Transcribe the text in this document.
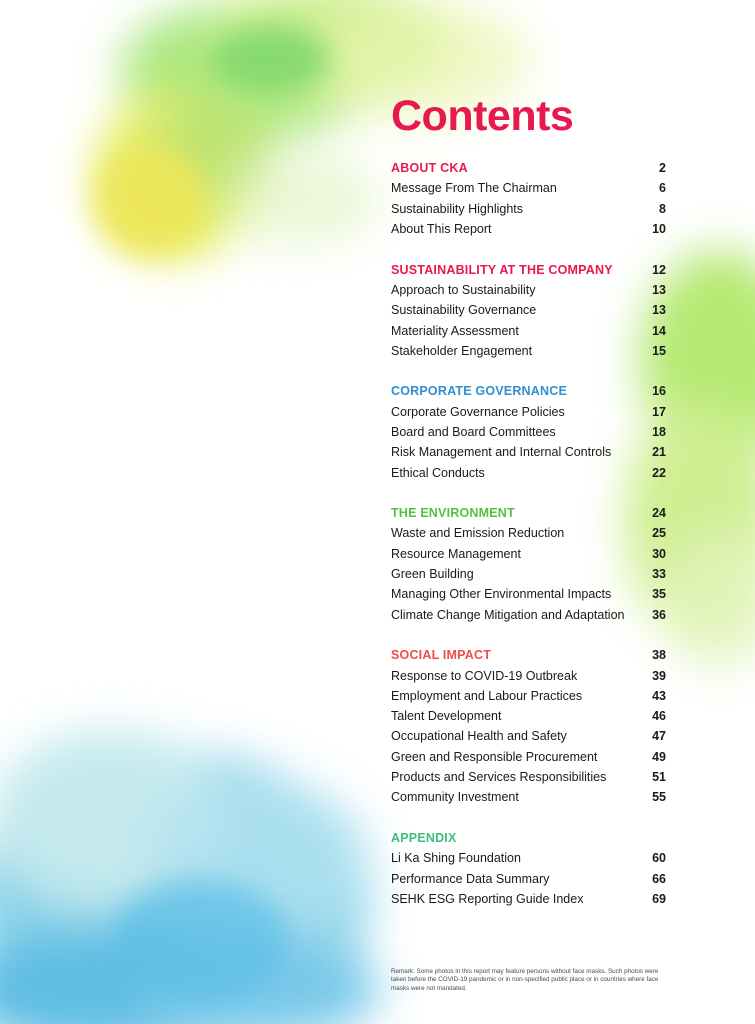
Contents
ABOUT CKA	2
Message From The Chairman	6
Sustainability Highlights	8
About This Report	10
SUSTAINABILITY AT THE COMPANY	12
Approach to Sustainability	13
Sustainability Governance	13
Materiality Assessment	14
Stakeholder Engagement	15
CORPORATE GOVERNANCE	16
Corporate Governance Policies	17
Board and Board Committees	18
Risk Management and Internal Controls	21
Ethical Conducts	22
THE ENVIRONMENT	24
Waste and Emission Reduction	25
Resource Management	30
Green Building	33
Managing Other Environmental Impacts	35
Climate Change Mitigation and Adaptation 36
SOCIAL IMPACT	38
Response to COVID-19 Outbreak	39
Employment and Labour Practices	43
Talent Development	46
Occupational Health and Safety	47
Green and Responsible Procurement	49
Products and Services Responsibilities	51
Community Investment	55
APPENDIX
Li Ka Shing Foundation	60
Performance Data Summary	66
SEHK ESG Reporting Guide Index	69

Remark: Some photos in this report may feature persons without face masks. Such photos were taken before the COVID-19 pandemic or in non-specified public place or in countries where face masks were not mandated.
